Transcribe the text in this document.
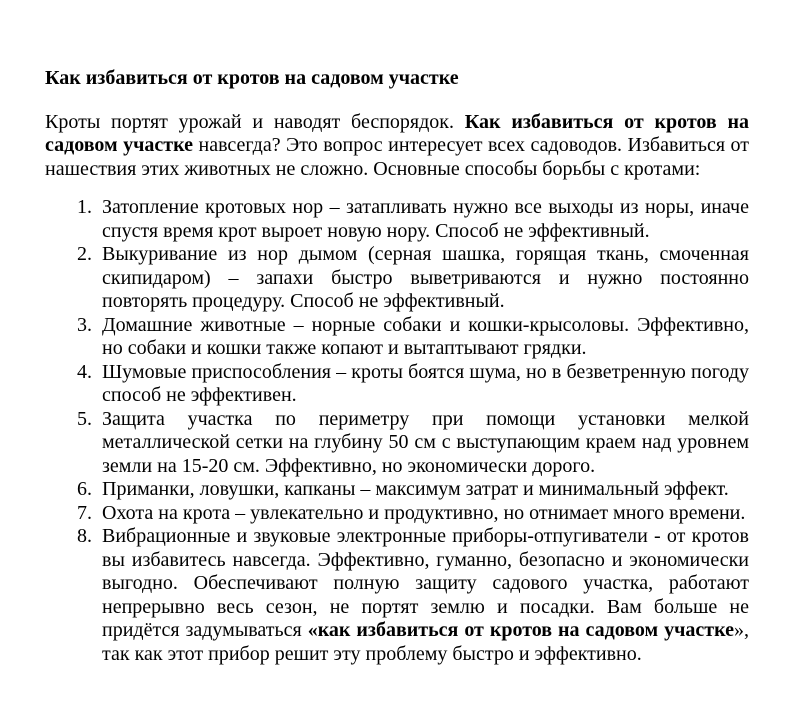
Как избавиться от кротов на садовом участке

Кроты портят урожай и наводят беспорядок. Как избавиться от кротов на садовом участке навсегда? Это вопрос интересует всех садоводов. Избавиться от нашествия этих животных не сложно. Основные способы борьбы с кротами:

1. Затопление кротовых нор – затапливать нужно все выходы из норы, иначе спустя время крот выроет новую нору. Способ не эффективный.
2. Выкуривание из нор дымом (серная шашка, горящая ткань, смоченная скипидаром) – запахи быстро выветриваются и нужно постоянно повторять процедуру. Способ не эффективный.
3. Домашние животные – норные собаки и кошки-крысоловы. Эффективно, но собаки и кошки также копают и вытаптывают грядки.
4. Шумовые приспособления – кроты боятся шума, но в безветренную погоду способ не эффективен.
5. Защита участка по периметру при помощи установки мелкой металлической сетки на глубину 50 см с выступающим краем над уровнем земли на 15-20 см. Эффективно, но экономически дорого.
6. Приманки, ловушки, капканы – максимум затрат и минимальный эффект.
7. Охота на крота – увлекательно и продуктивно, но отнимает много времени.
8. Вибрационные и звуковые электронные приборы-отпугиватели - от кротов вы избавитесь навсегда. Эффективно, гуманно, безопасно и экономически выгодно. Обеспечивают полную защиту садового участка, работают непрерывно весь сезон, не портят землю и посадки. Вам больше не придётся задумываться «как избавиться от кротов на садовом участке», так как этот прибор решит эту проблему быстро и эффективно.
